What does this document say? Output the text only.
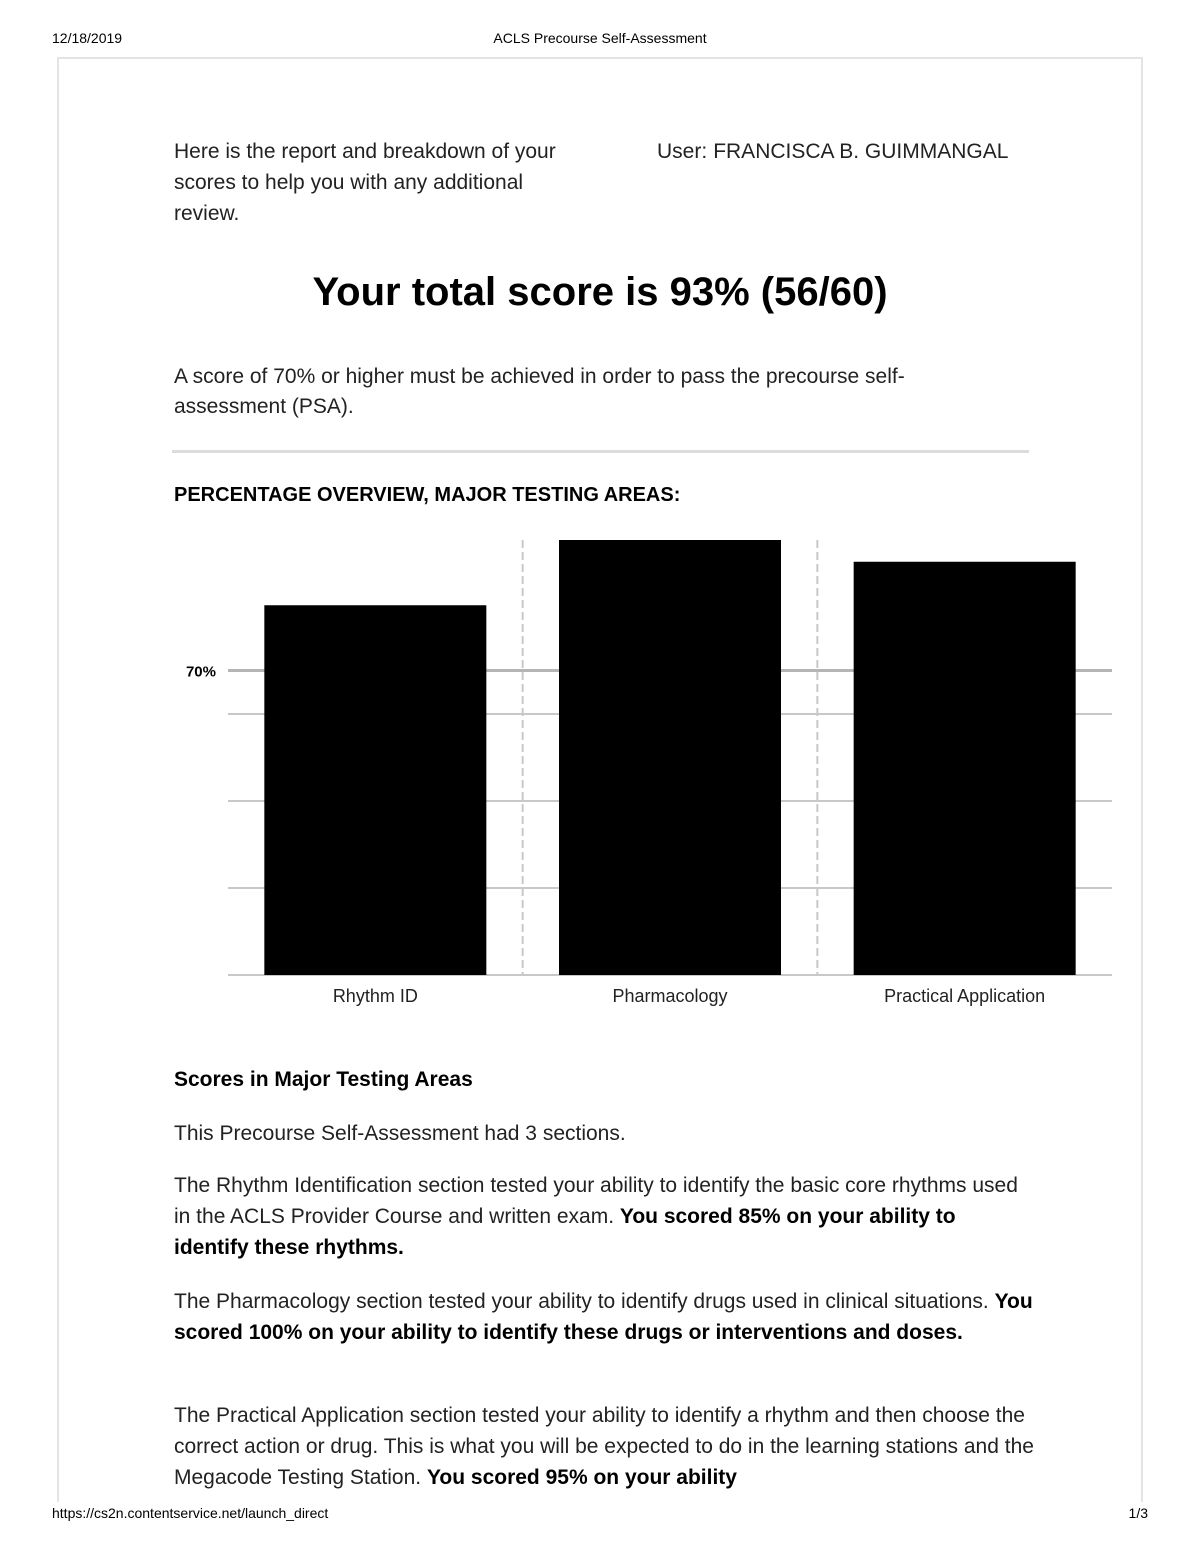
12/18/2019	ACLS Precourse Self-Assessment
Here is the report and breakdown of your scores to help you with any additional review.
User: FRANCISCA B. GUIMMANGAL
Your total score is 93% (56/60)
A score of 70% or higher must be achieved in order to pass the precourse self-assessment (PSA).
PERCENTAGE OVERVIEW, MAJOR TESTING AREAS:
70%
Rhythm ID	Pharmacology	Practical Application
Scores in Major Testing Areas
This Precourse Self-Assessment had 3 sections.
The Rhythm Identification section tested your ability to identify the basic core rhythms used in the ACLS Provider Course and written exam. You scored 85% on your ability to identify these rhythms.
The Pharmacology section tested your ability to identify drugs used in clinical situations. You scored 100% on your ability to identify these drugs or interventions and doses.
The Practical Application section tested your ability to identify a rhythm and then choose the correct action or drug. This is what you will be expected to do in the learning stations and the Megacode Testing Station. You scored 95% on your ability
https://cs2n.contentservice.net/launch_direct	1/3
